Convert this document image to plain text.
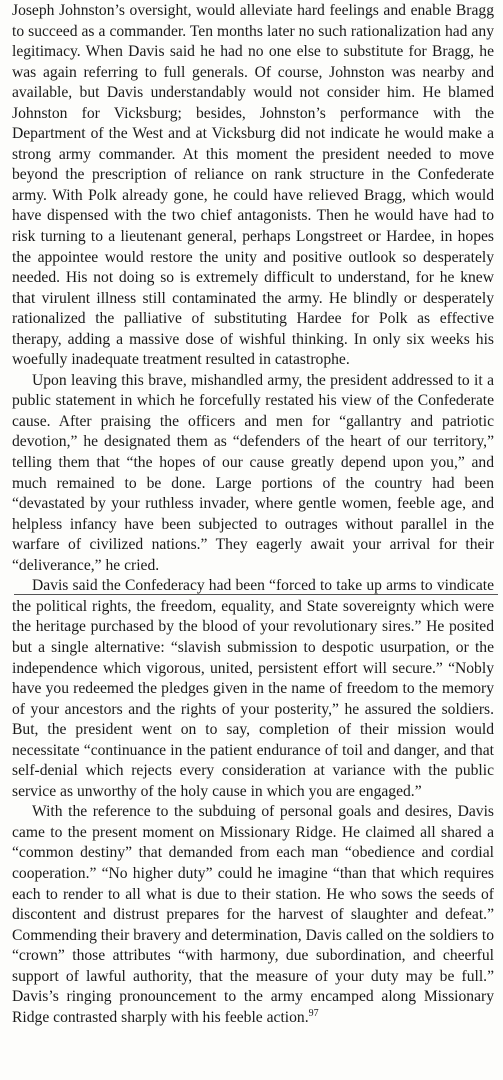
Joseph Johnston’s oversight, would alleviate hard feelings and enable Bragg to succeed as a commander. Ten months later no such rationalization had any legitimacy. When Davis said he had no one else to substitute for Bragg, he was again referring to full generals. Of course, Johnston was nearby and available, but Davis understandably would not consider him. He blamed Johnston for Vicksburg; besides, Johnston’s performance with the Department of the West and at Vicksburg did not indicate he would make a strong army commander. At this moment the president needed to move beyond the prescription of reliance on rank structure in the Confederate army. With Polk already gone, he could have relieved Bragg, which would have dispensed with the two chief antagonists. Then he would have had to risk turning to a lieutenant general, perhaps Longstreet or Hardee, in hopes the appointee would restore the unity and positive outlook so desperately needed. His not doing so is extremely difficult to understand, for he knew that virulent illness still contaminated the army. He blindly or desperately rationalized the palliative of substituting Hardee for Polk as effective therapy, adding a massive dose of wishful thinking. In only six weeks his woefully inadequate treatment resulted in catastrophe.

Upon leaving this brave, mishandled army, the president addressed to it a public statement in which he forcefully restated his view of the Confederate cause. After praising the officers and men for “gallantry and patriotic devotion,” he designated them as “defenders of the heart of our territory,” telling them that “the hopes of our cause greatly depend upon you,” and much remained to be done. Large portions of the country had been “devastated by your ruthless invader, where gentle women, feeble age, and helpless infancy have been subjected to outrages without parallel in the warfare of civilized nations.” They eagerly await your arrival for their “deliverance,” he cried.

Davis said the Confederacy had been “forced to take up arms to vindicate the political rights, the freedom, equality, and State sovereignty which were the heritage purchased by the blood of your revolutionary sires.” He posited but a single alternative: “slavish submission to despotic usurpation, or the independence which vigorous, united, persistent effort will secure.” “Nobly have you redeemed the pledges given in the name of freedom to the memory of your ancestors and the rights of your posterity,” he assured the soldiers. But, the president went on to say, completion of their mission would necessitate “continuance in the patient endurance of toil and danger, and that self-denial which rejects every consideration at variance with the public service as unworthy of the holy cause in which you are engaged.”

With the reference to the subduing of personal goals and desires, Davis came to the present moment on Missionary Ridge. He claimed all shared a “common destiny” that demanded from each man “obedience and cordial cooperation.” “No higher duty” could he imagine “than that which requires each to render to all what is due to their station. He who sows the seeds of discontent and distrust prepares for the harvest of slaughter and defeat.” Commending their bravery and determination, Davis called on the soldiers to “crown” those attributes “with harmony, due subordination, and cheerful support of lawful authority, that the measure of your duty may be full.” Davis’s ringing pronouncement to the army encamped along Missionary Ridge contrasted sharply with his feeble action.$^{97}$
